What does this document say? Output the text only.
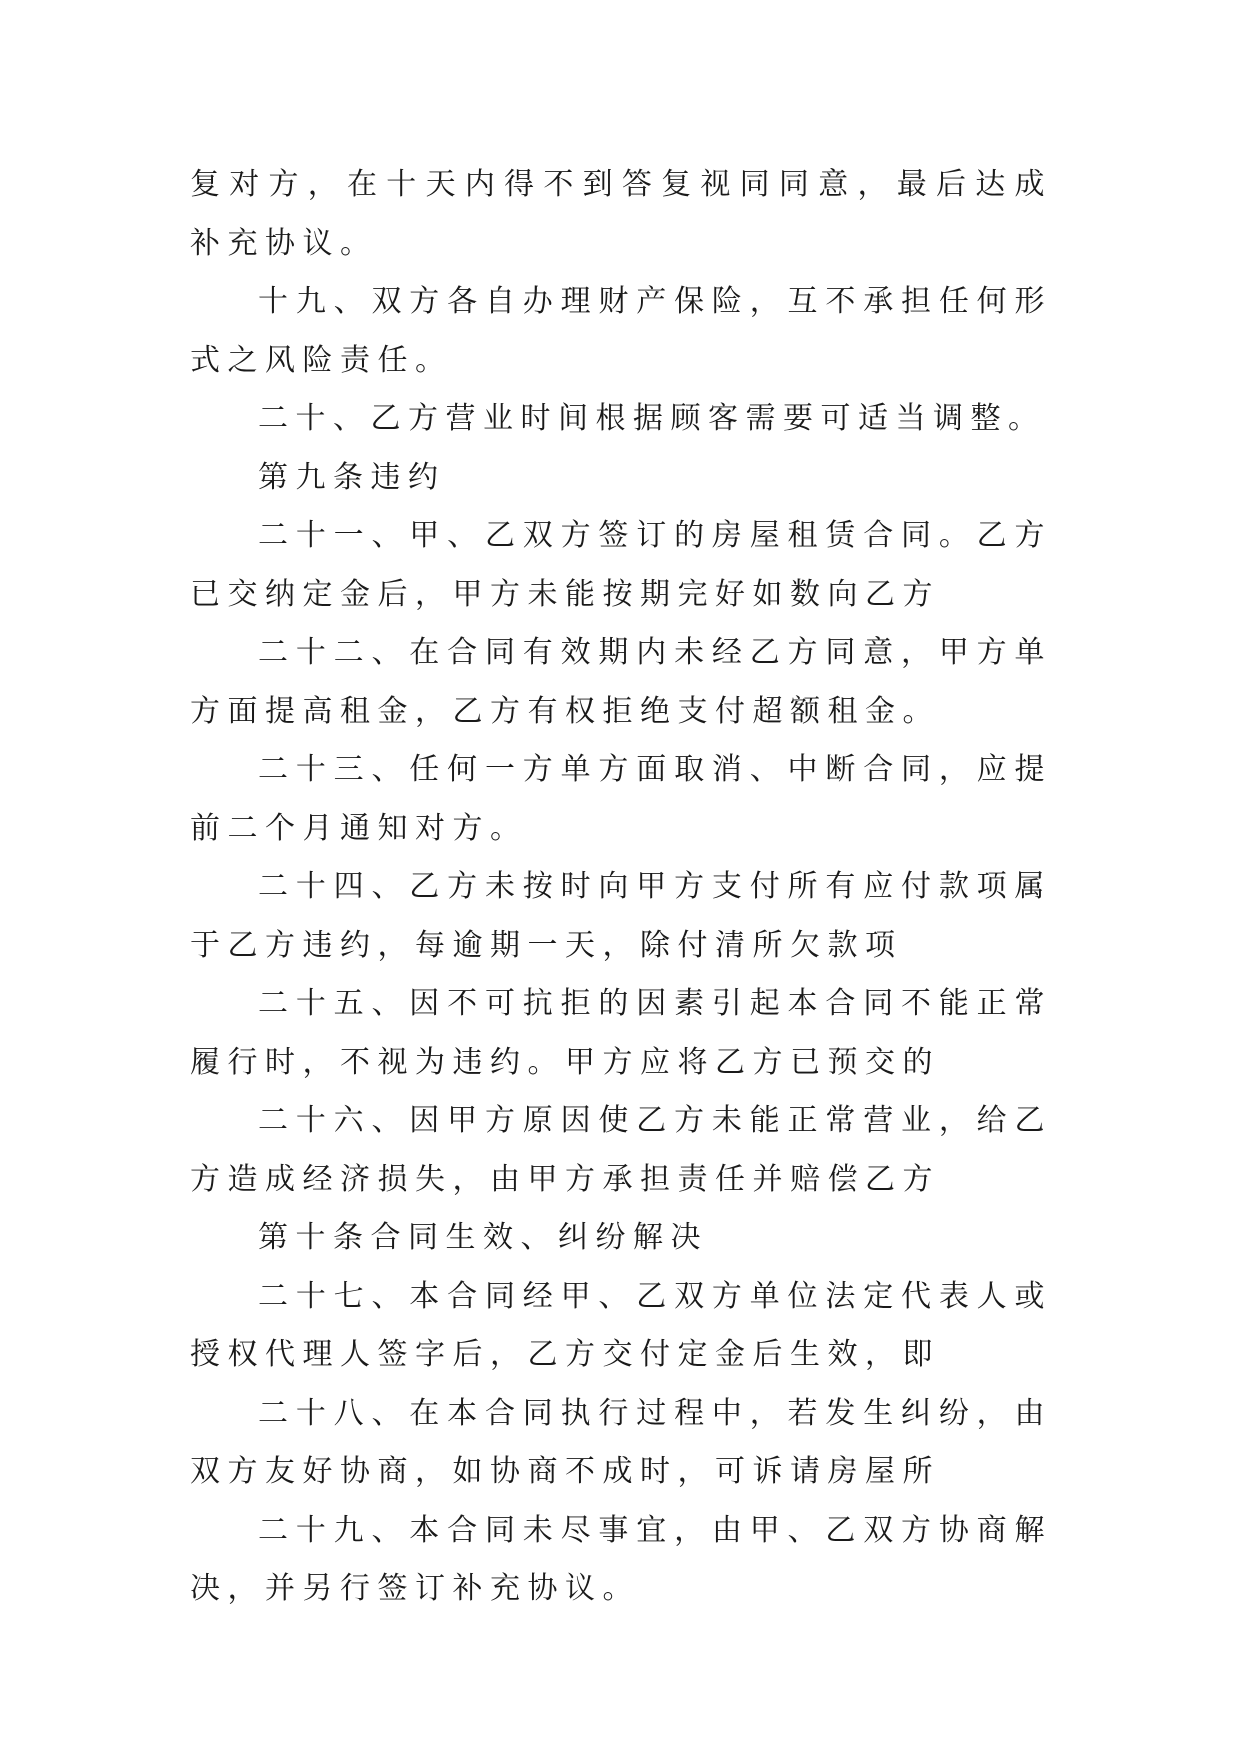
复对方，在十天内得不到答复视同同意，最后达成补充协议。

十九、双方各自办理财产保险，互不承担任何形式之风险责任。

二十、乙方营业时间根据顾客需要可适当调整。

第九条违约

二十一、甲、乙双方签订的房屋租赁合同。乙方已交纳定金后，甲方未能按期完好如数向乙方

二十二、在合同有效期内未经乙方同意，甲方单方面提高租金，乙方有权拒绝支付超额租金。

二十三、任何一方单方面取消、中断合同，应提前二个月通知对方。

二十四、乙方未按时向甲方支付所有应付款项属于乙方违约，每逾期一天，除付清所欠款项

二十五、因不可抗拒的因素引起本合同不能正常履行时，不视为违约。甲方应将乙方已预交的

二十六、因甲方原因使乙方未能正常营业，给乙方造成经济损失，由甲方承担责任并赔偿乙方

第十条合同生效、纠纷解决

二十七、本合同经甲、乙双方单位法定代表人或授权代理人签字后，乙方交付定金后生效，即

二十八、在本合同执行过程中，若发生纠纷，由双方友好协商，如协商不成时，可诉请房屋所

二十九、本合同未尽事宜，由甲、乙双方协商解决，并另行签订补充协议。
